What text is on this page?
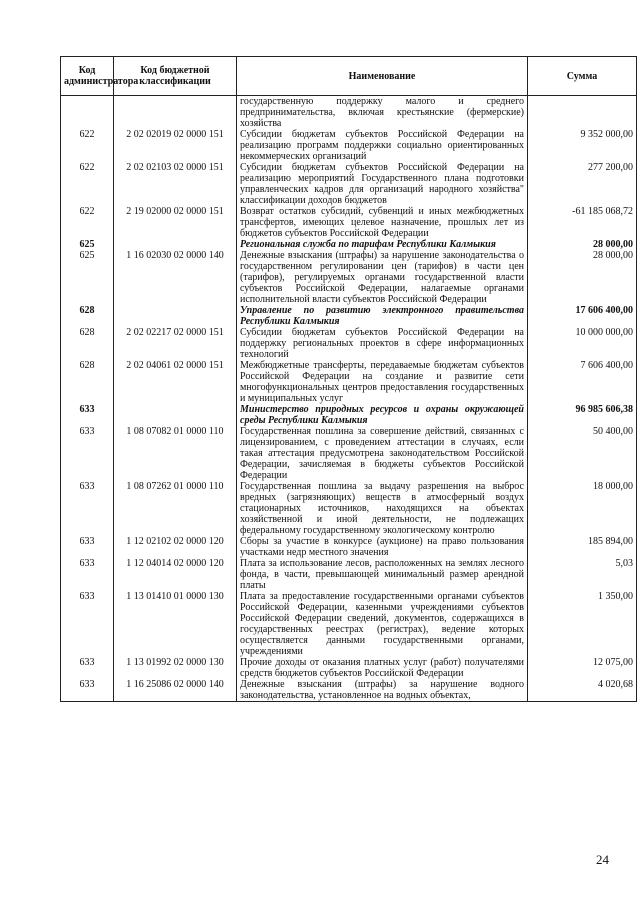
Код администратора	Код бюджетной классификации	Наименование	Сумма
		государственную поддержку малого и среднего предпринимательства, включая крестьянские (фермерские) хозяйства	
622	2 02 02019 02 0000 151	Субсидии бюджетам субъектов Российской Федерации на реализацию программ поддержки социально ориентированных некоммерческих организаций	9 352 000,00
622	2 02 02103 02 0000 151	Субсидии бюджетам субъектов Российской Федерации на реализацию мероприятий Государственного плана подготовки управленческих кадров для организаций народного хозяйства" классификации доходов бюджетов	277 200,00
622	2 19 02000 02 0000 151	Возврат остатков субсидий, субвенций и иных межбюджетных трансфертов, имеющих целевое назначение, прошлых лет из бюджетов субъектов Российской Федерации	-61 185 068,72
625		Региональная служба по тарифам Республики Калмыкия	28 000,00
625	1 16 02030 02 0000 140	Денежные взыскания (штрафы) за нарушение законодательства о государственном регулировании цен (тарифов) в части цен (тарифов), регулируемых органами государственной власти субъектов Российской Федерации, налагаемые органами исполнительной власти субъектов Российской Федерации	28 000,00
628		Управление по развитию электронного правительства Республики Калмыкия	17 606 400,00
628	2 02 02217 02 0000 151	Субсидии бюджетам субъектов Российской Федерации на поддержку региональных проектов в сфере информационных технологий	10 000 000,00
628	2 02 04061 02 0000 151	Межбюджетные трансферты, передаваемые бюджетам субъектов Российской Федерации на создание и развитие сети многофункциональных центров предоставления государственных и муниципальных услуг	7 606 400,00
633		Министерство природных ресурсов и охраны окружающей среды Республики Калмыкия	96 985 606,38
633	1 08 07082 01 0000 110	Государственная пошлина за совершение действий, связанных с лицензированием, с проведением аттестации в случаях, если такая аттестация предусмотрена законодательством Российской Федерации, зачисляемая в бюджеты субъектов Российской Федерации	50 400,00
633	1 08 07262 01 0000 110	Государственная пошлина за выдачу разрешения на выброс вредных (загрязняющих) веществ в атмосферный воздух стационарных источников, находящихся на объектах хозяйственной и иной деятельности, не подлежащих федеральному государственному экологическому контролю	18 000,00
633	1 12 02102 02 0000 120	Сборы за участие в конкурсе (аукционе) на право пользования участками недр местного значения	185 894,00
633	1 12 04014 02 0000 120	Плата за использование лесов, расположенных на землях лесного фонда, в части, превышающей минимальный размер арендной платы	5,03
633	1 13 01410 01 0000 130	Плата за предоставление государственными органами субъектов Российской Федерации, казенными учреждениями субъектов Российской Федерации сведений, документов, содержащихся в государственных реестрах (регистрах), ведение которых осуществляется данными государственными органами, учреждениями	1 350,00
633	1 13 01992 02 0000 130	Прочие доходы от оказания платных услуг (работ) получателями средств бюджетов субъектов Российской Федерации	12 075,00
633	1 16 25086 02 0000 140	Денежные взыскания (штрафы) за нарушение водного законодательства, установленное на водных объектах,	4 020,68
24
